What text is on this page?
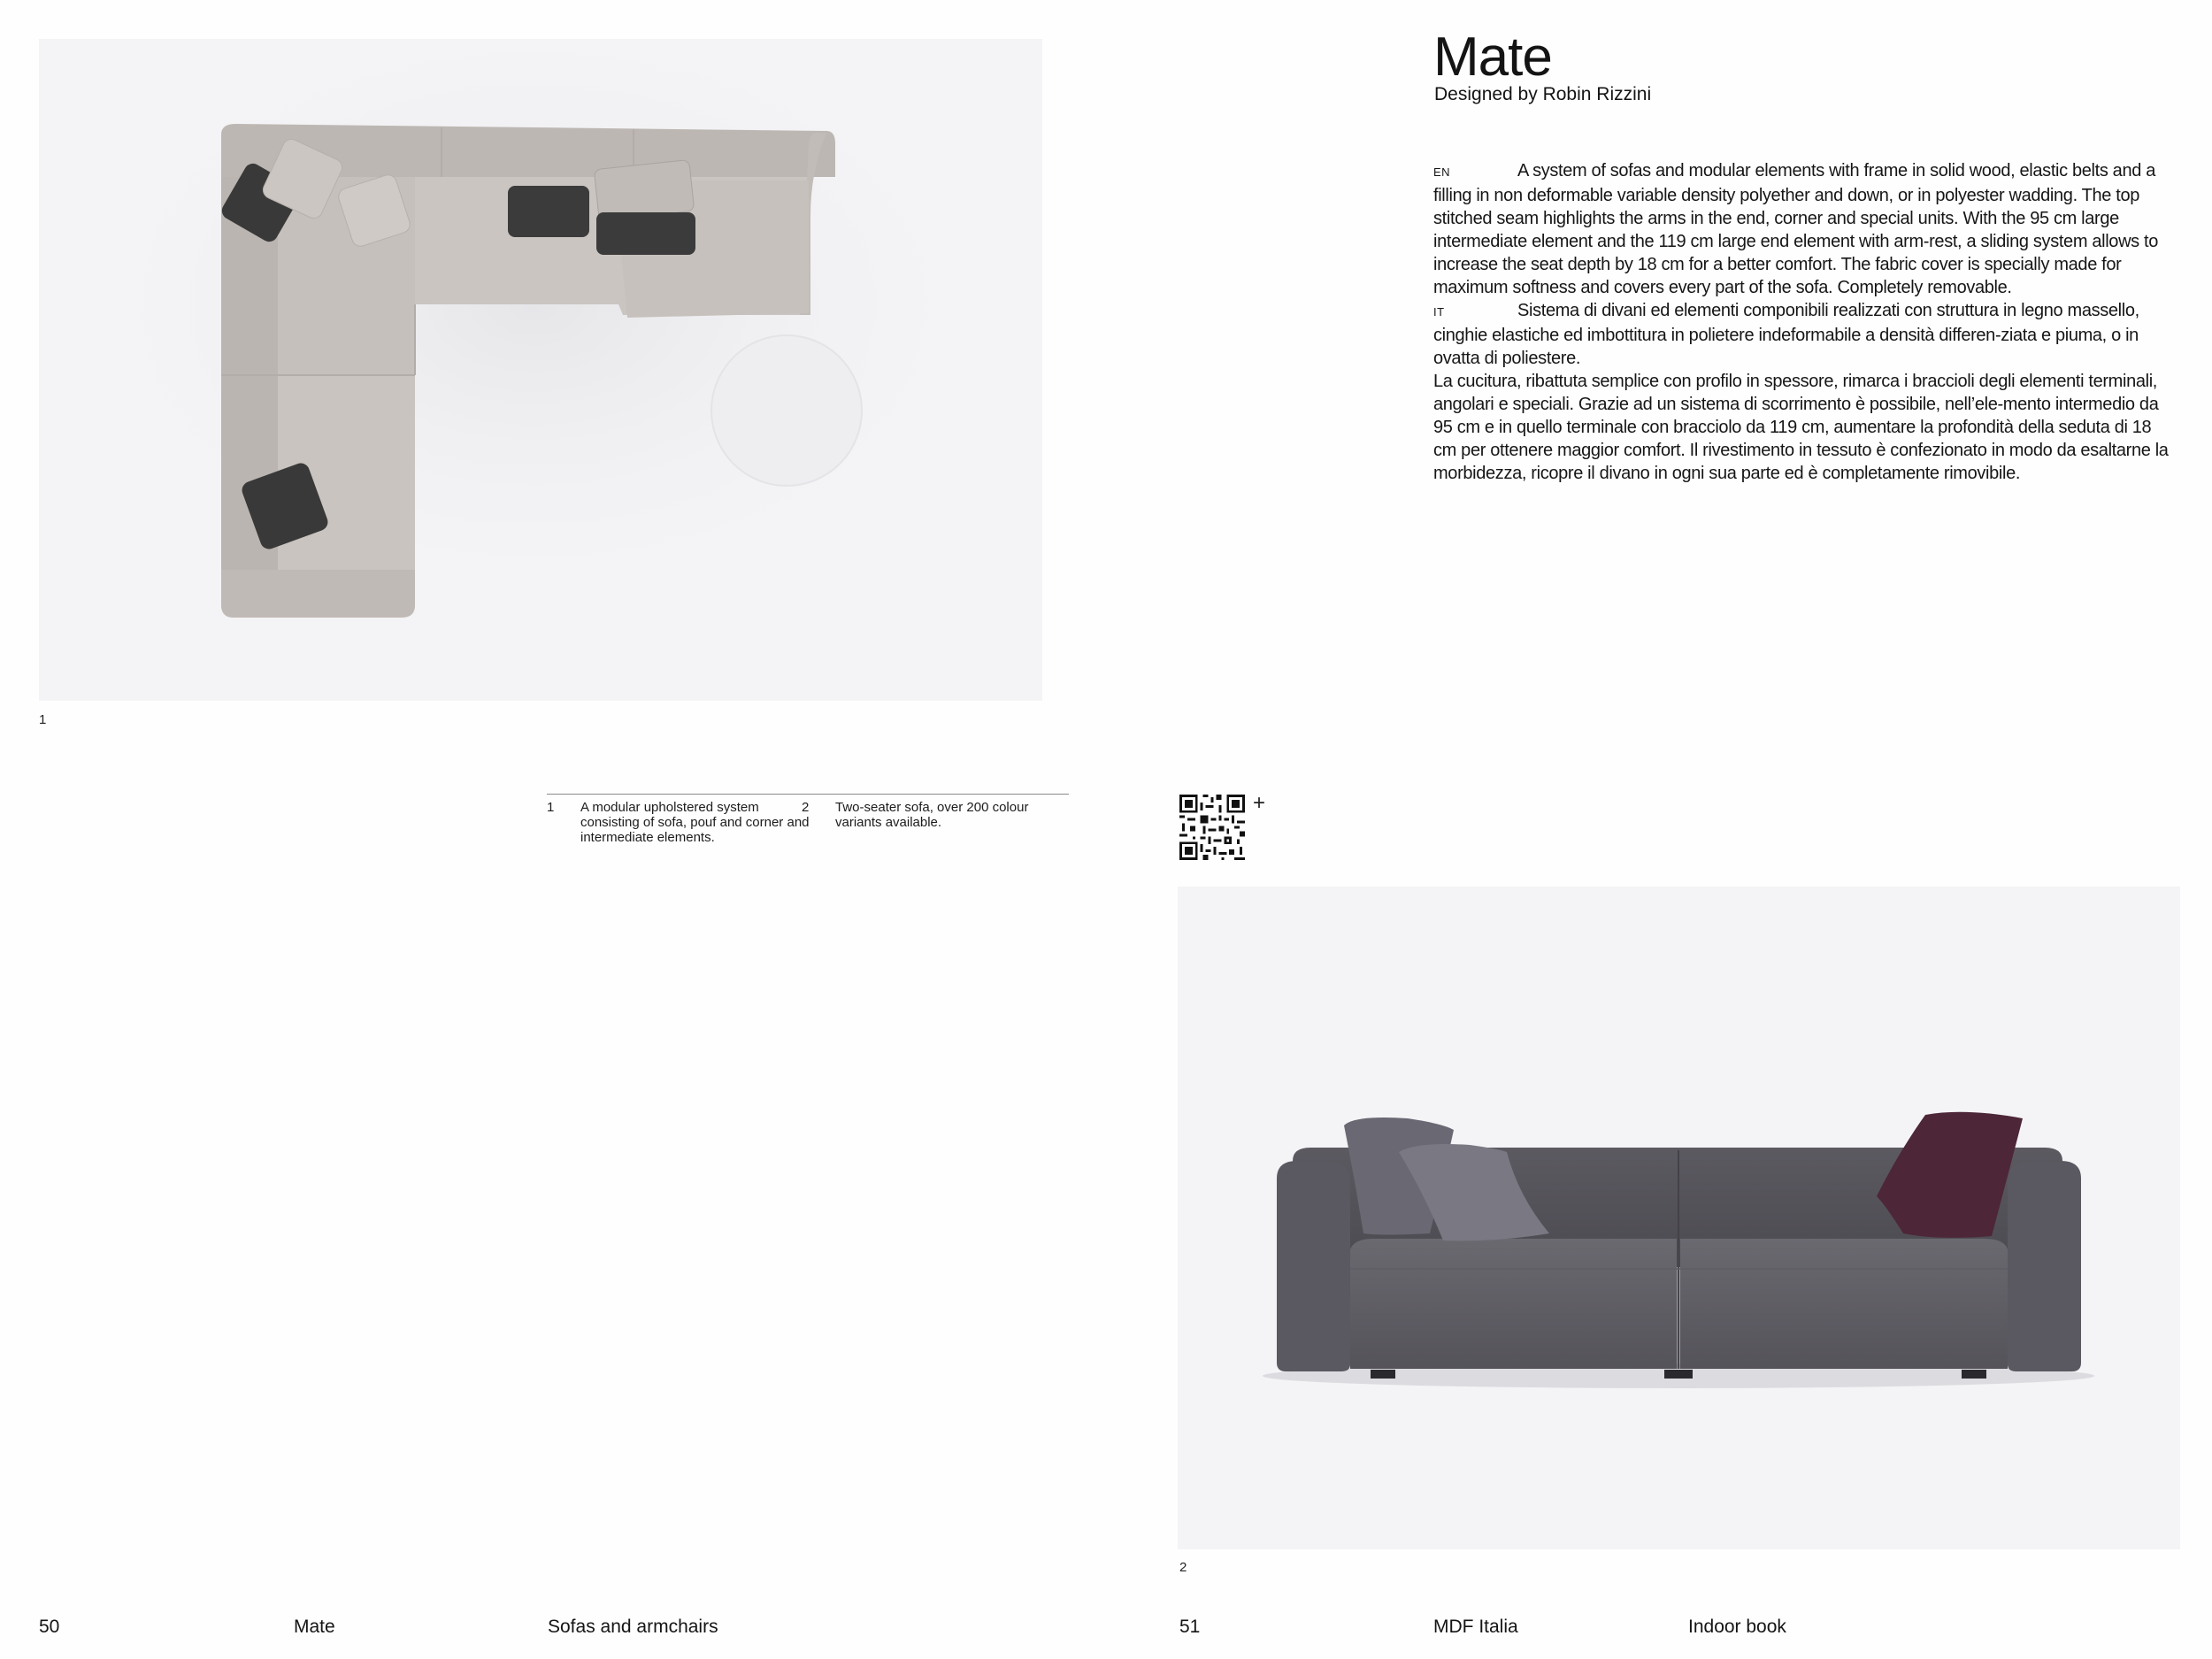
1
1 A modular upholstered system consisting of sofa, pouf and corner and intermediate elements.
2 Two-seater sofa, over 200 colour variants available.
Mate
Designed by Robin Rizzini
EN	A system of sofas and modular elements with frame in solid wood, elastic belts and a filling in non deformable variable density polyether and down, or in polyester wadding. The top stitched seam highlights the arms in the end, corner and special units. With the 95 cm large intermediate element and the 119 cm large end element with arm-rest, a sliding system allows to increase the seat depth by 18 cm for a better comfort. The fabric cover is specially made for maximum softness and covers every part of the sofa. Completely removable.
IT	Sistema di divani ed elementi componibili realizzati con struttura in legno massello, cinghie elastiche ed imbottitura in polietere indeformabile a densità differen-ziata e piuma, o in ovatta di poliestere.
La cucitura, ribattuta semplice con profilo in spessore, rimarca i braccioli degli elementi terminali, angolari e speciali. Grazie ad un sistema di scorrimento è possibile, nell’ele-mento intermedio da 95 cm e in quello terminale con bracciolo da 119 cm, aumentare la profondità della seduta di 18 cm per ottenere maggior comfort. Il rivestimento in tessuto è confezionato in modo da esaltarne la morbidezza, ricopre il divano in ogni sua parte ed è completamente rimovibile.
+
2
50	Mate	Sofas and armchairs	51	MDF Italia	Indoor book
